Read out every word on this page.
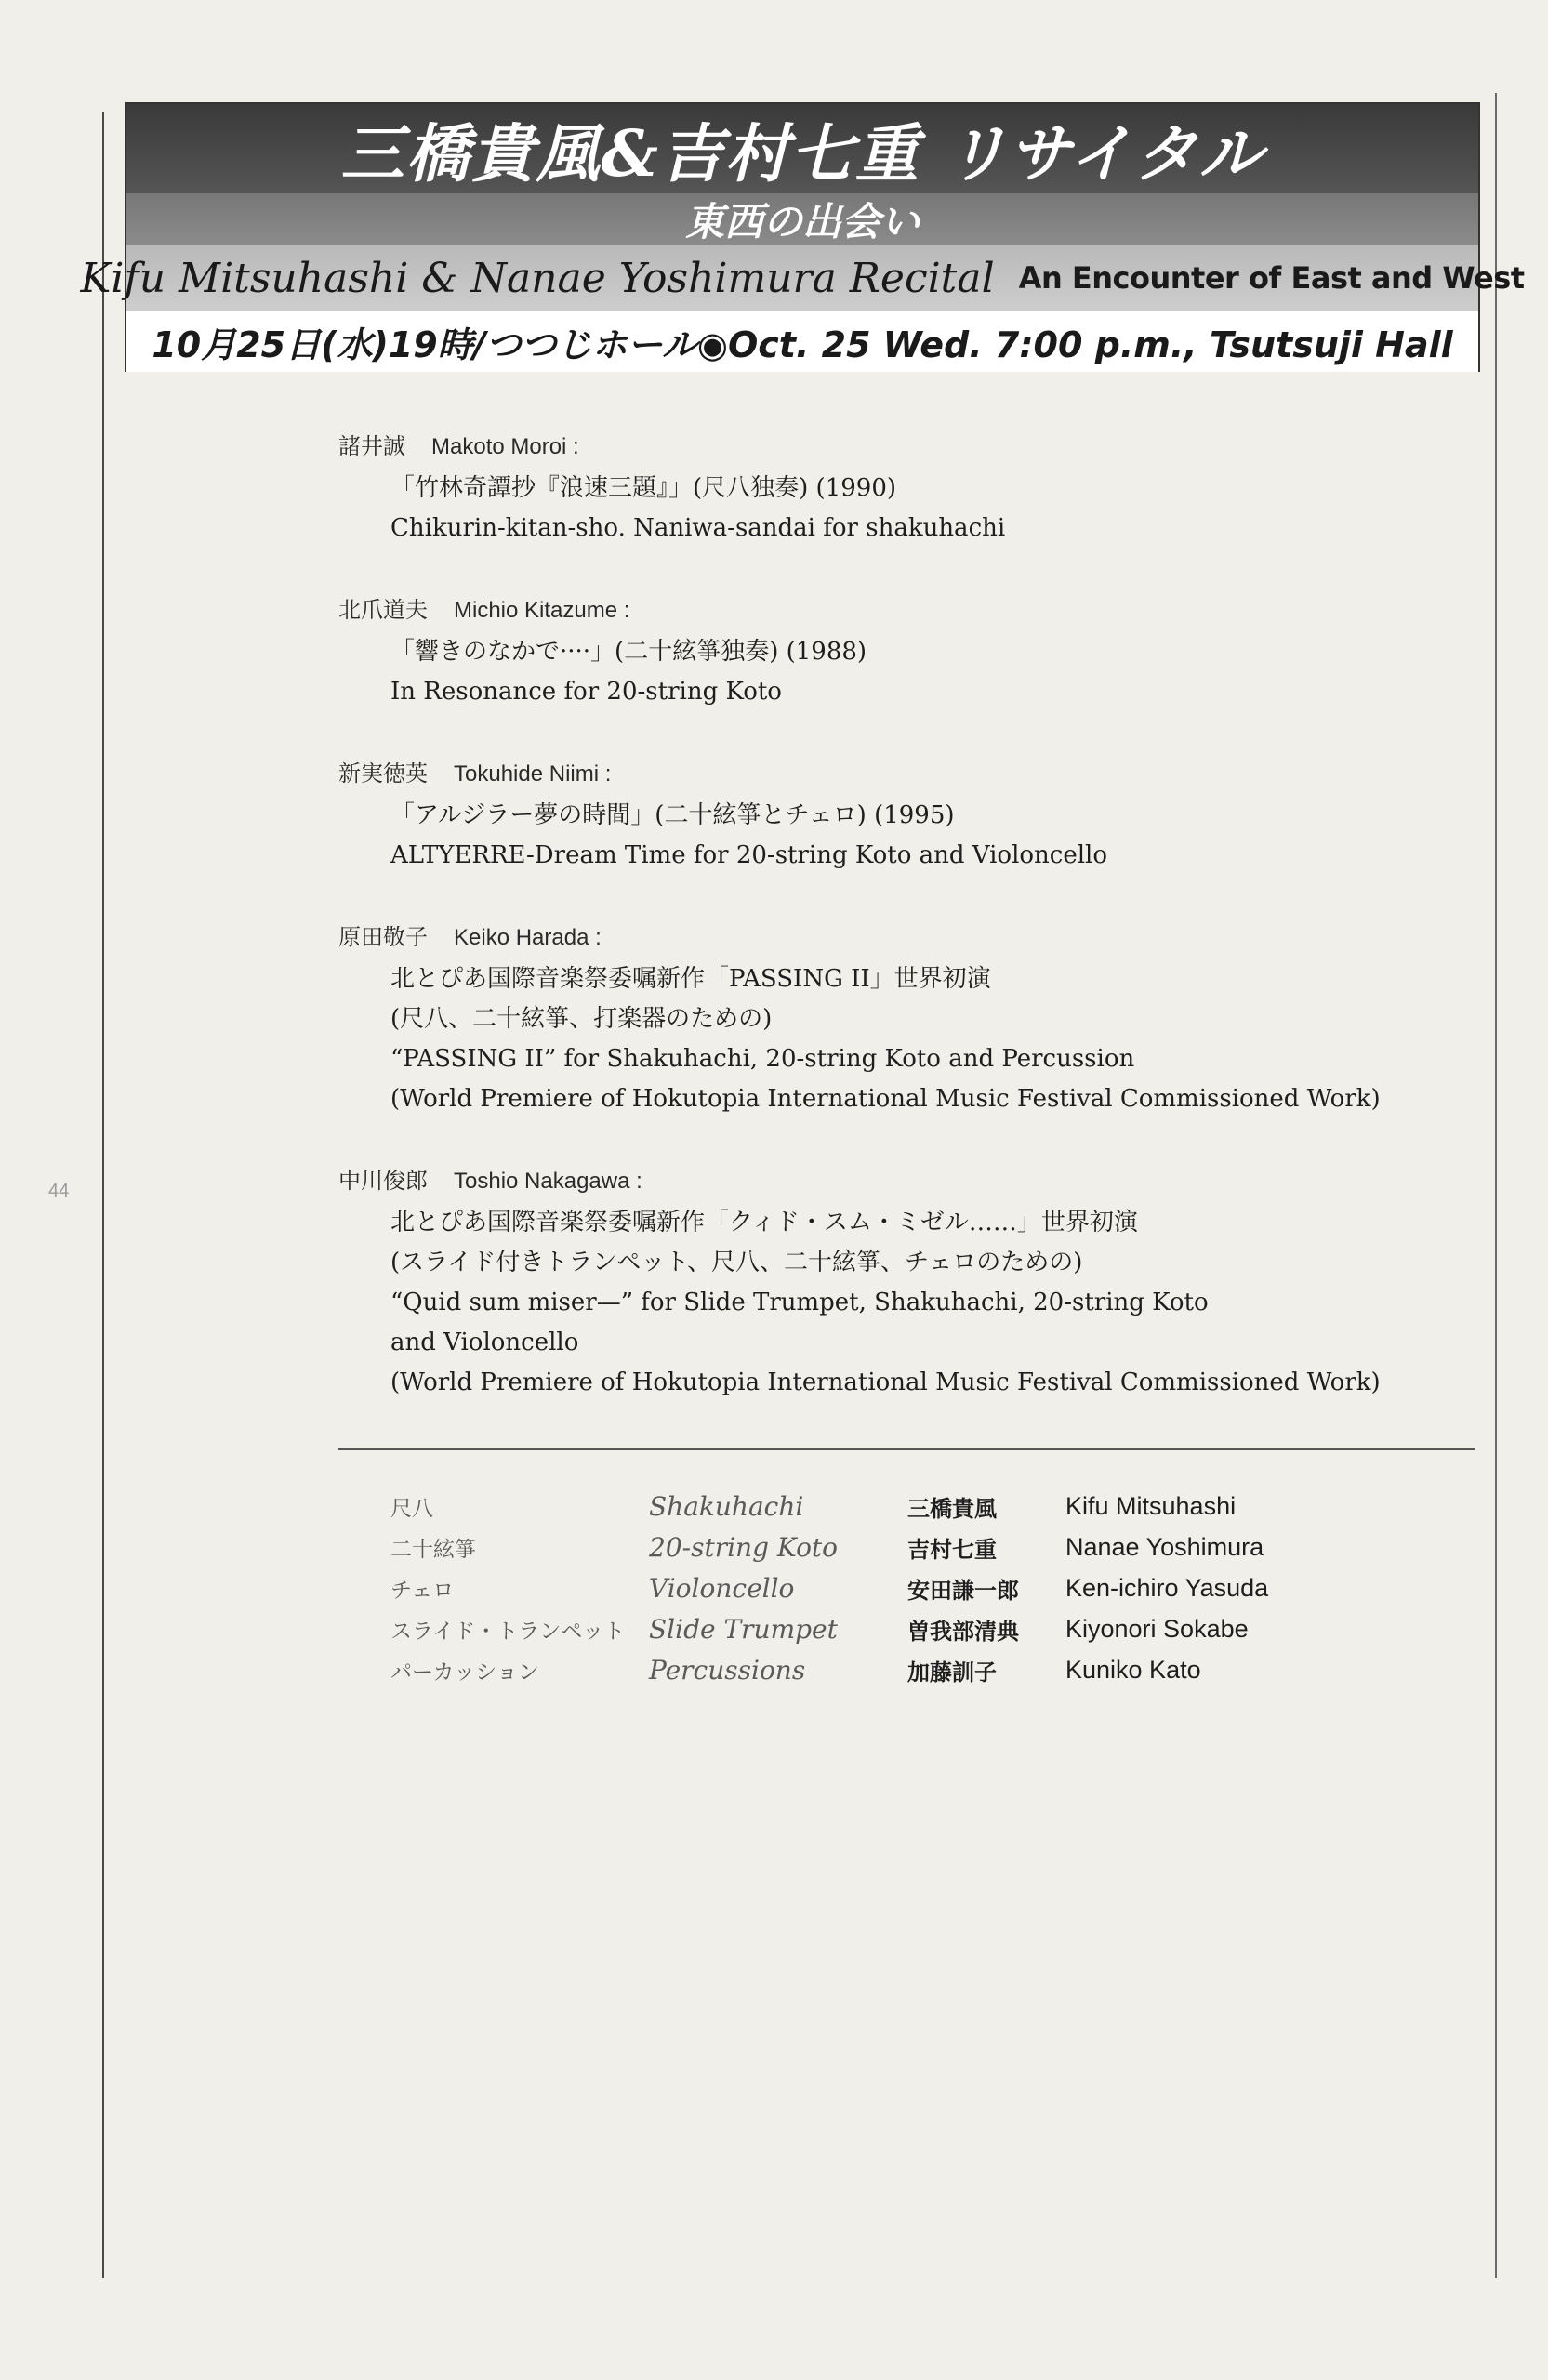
44
三橋貴風&吉村七重 リサイタル
東西の出会い
Kifu Mitsuhashi & Nanae Yoshimura Recital An Encounter of East and West
10月25日(水)19時/つつじホール◉Oct. 25 Wed. 7:00 p.m., Tsutsuji Hall
諸井誠 Makoto Moroi :
「竹林奇譚抄『浪速三題』」(尺八独奏) (1990)
Chikurin-kitan-sho. Naniwa-sandai for shakuhachi
北爪道夫 Michio Kitazume :
「響きのなかで····」(二十絃箏独奏) (1988)
In Resonance for 20-string Koto
新実徳英 Tokuhide Niimi :
「アルジラー夢の時間」(二十絃箏とチェロ) (1995)
ALTYERRE-Dream Time for 20-string Koto and Violoncello
原田敬子 Keiko Harada :
北とぴあ国際音楽祭委嘱新作「PASSING II」世界初演
(尺八、二十絃箏、打楽器のための)
“PASSING II” for Shakuhachi, 20-string Koto and Percussion
(World Premiere of Hokutopia International Music Festival Commissioned Work)
中川俊郎 Toshio Nakagawa :
北とぴあ国際音楽祭委嘱新作「クィド・スム・ミゼル……」世界初演
(スライド付きトランペット、尺八、二十絃箏、チェロのための)
“Quid sum miser—” for Slide Trumpet, Shakuhachi, 20-string Koto
and Violoncello
(World Premiere of Hokutopia International Music Festival Commissioned Work)
尺八	Shakuhachi	三橋貴風	Kifu Mitsuhashi
二十絃箏	20-string Koto	吉村七重	Nanae Yoshimura
チェロ	Violoncello	安田謙一郎	Ken-ichiro Yasuda
スライド・トランペット Slide Trumpet	曽我部清典	Kiyonori Sokabe
パーカッション	Percussions	加藤訓子	Kuniko Kato
